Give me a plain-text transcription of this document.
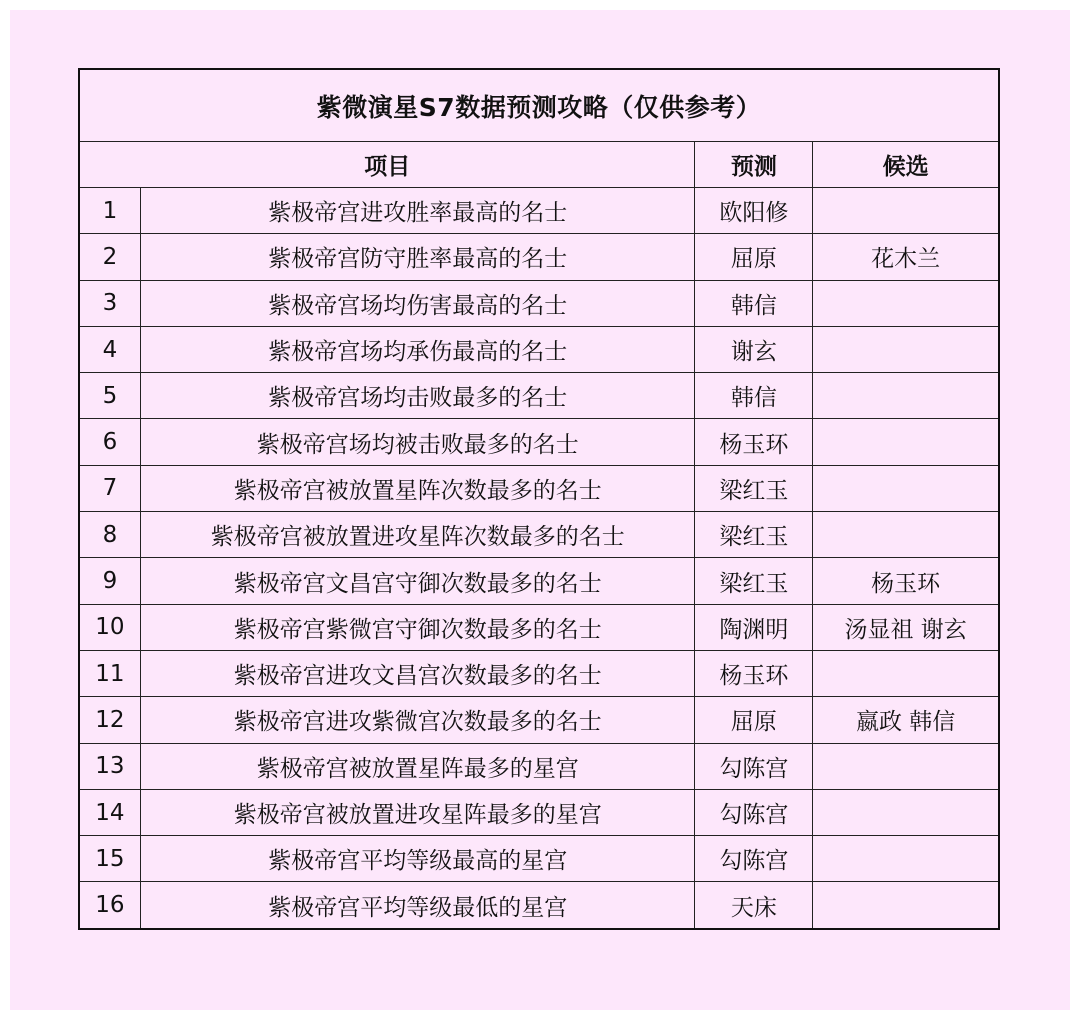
紫微演星S7数据预测攻略（仅供参考）			
项目		预测	候选
1	紫极帝宫进攻胜率最高的名士	欧阳修	
2	紫极帝宫防守胜率最高的名士	屈原	花木兰
3	紫极帝宫场均伤害最高的名士	韩信	
4	紫极帝宫场均承伤最高的名士	谢玄	
5	紫极帝宫场均击败最多的名士	韩信	
6	紫极帝宫场均被击败最多的名士	杨玉环	
7	紫极帝宫被放置星阵次数最多的名士	梁红玉	
8	紫极帝宫被放置进攻星阵次数最多的名士	梁红玉	
9	紫极帝宫文昌宫守御次数最多的名士	梁红玉	杨玉环
10	紫极帝宫紫微宫守御次数最多的名士	陶渊明	汤显祖 谢玄
11	紫极帝宫进攻文昌宫次数最多的名士	杨玉环	
12	紫极帝宫进攻紫微宫次数最多的名士	屈原	嬴政 韩信
13	紫极帝宫被放置星阵最多的星宫	勾陈宫	
14	紫极帝宫被放置进攻星阵最多的星宫	勾陈宫	
15	紫极帝宫平均等级最高的星宫	勾陈宫	
16	紫极帝宫平均等级最低的星宫	天床	
